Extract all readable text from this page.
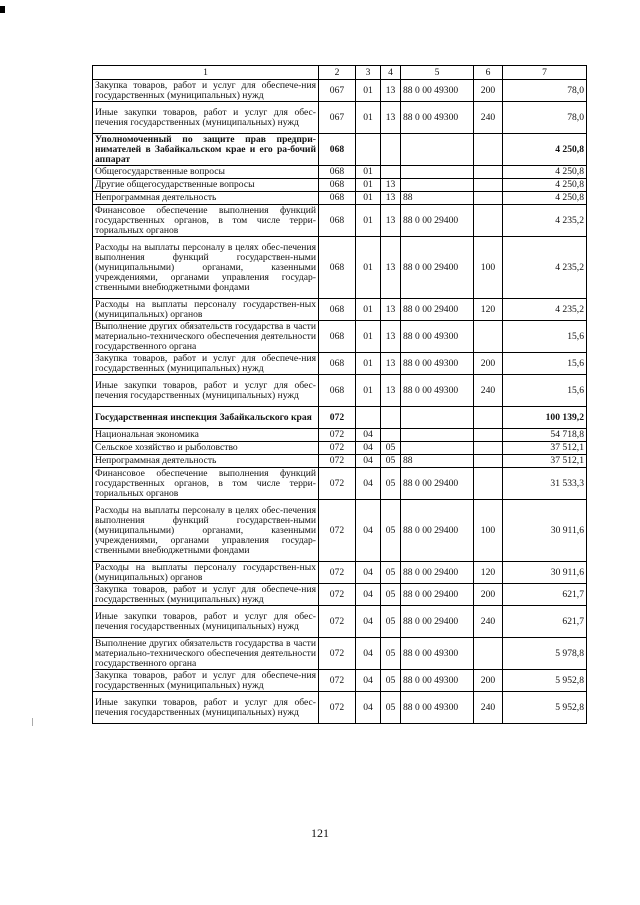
1	2	3	4	5	6	7
Закупка товаров, работ и услуг для обеспече-ния государственных (муниципальных) нужд	067	01	13	88 0 00 49300	200	78,0
Иные закупки товаров, работ и услуг для обес-печения государственных (муниципальных) нужд	067	01	13	88 0 00 49300	240	78,0
Уполномоченный по защите прав предпри-нимателей в Забайкальском крае и его ра-бочий аппарат	068					4 250,8
Общегосударственные вопросы	068	01				4 250,8
Другие общегосударственные вопросы	068	01	13			4 250,8
Непрограммная деятельность	068	01	13	88		4 250,8
Финансовое обеспечение выполнения функций государственных органов, в том числе терри-ториальных органов	068	01	13	88 0 00 29400		4 235,2
Расходы на выплаты персоналу в целях обес-печения выполнения функций государствен-ными (муниципальными) органами, казенными учреждениями, органами управления государ-ственными внебюджетными фондами	068	01	13	88 0 00 29400	100	4 235,2
Расходы на выплаты персоналу государствен-ных (муниципальных) органов	068	01	13	88 0 00 29400	120	4 235,2
Выполнение других обязательств государства в части материально-технического обеспечения деятельности государственного органа	068	01	13	88 0 00 49300		15,6
Закупка товаров, работ и услуг для обеспече-ния государственных (муниципальных) нужд	068	01	13	88 0 00 49300	200	15,6
Иные закупки товаров, работ и услуг для обес-печения государственных (муниципальных) нужд	068	01	13	88 0 00 49300	240	15,6
Государственная инспекция Забайкальского края	072					100 139,2
Национальная экономика	072	04				54 718,8
Сельское хозяйство и рыболовство	072	04	05			37 512,1
Непрограммная деятельность	072	04	05	88		37 512,1
Финансовое обеспечение выполнения функций государственных органов, в том числе терри-ториальных органов	072	04	05	88 0 00 29400		31 533,3
Расходы на выплаты персоналу в целях обес-печения выполнения функций государствен-ными (муниципальными) органами, казенными учреждениями, органами управления государ-ственными внебюджетными фондами	072	04	05	88 0 00 29400	100	30 911,6
Расходы на выплаты персоналу государствен-ных (муниципальных) органов	072	04	05	88 0 00 29400	120	30 911,6
Закупка товаров, работ и услуг для обеспече-ния государственных (муниципальных) нужд	072	04	05	88 0 00 29400	200	621,7
Иные закупки товаров, работ и услуг для обес-печения государственных (муниципальных) нужд	072	04	05	88 0 00 29400	240	621,7
Выполнение других обязательств государства в части материально-технического обеспечения деятельности государственного органа	072	04	05	88 0 00 49300		5 978,8
Закупка товаров, работ и услуг для обеспече-ния государственных (муниципальных) нужд	072	04	05	88 0 00 49300	200	5 952,8
Иные закупки товаров, работ и услуг для обес-печения государственных (муниципальных) нужд	072	04	05	88 0 00 49300	240	5 952,8
121
